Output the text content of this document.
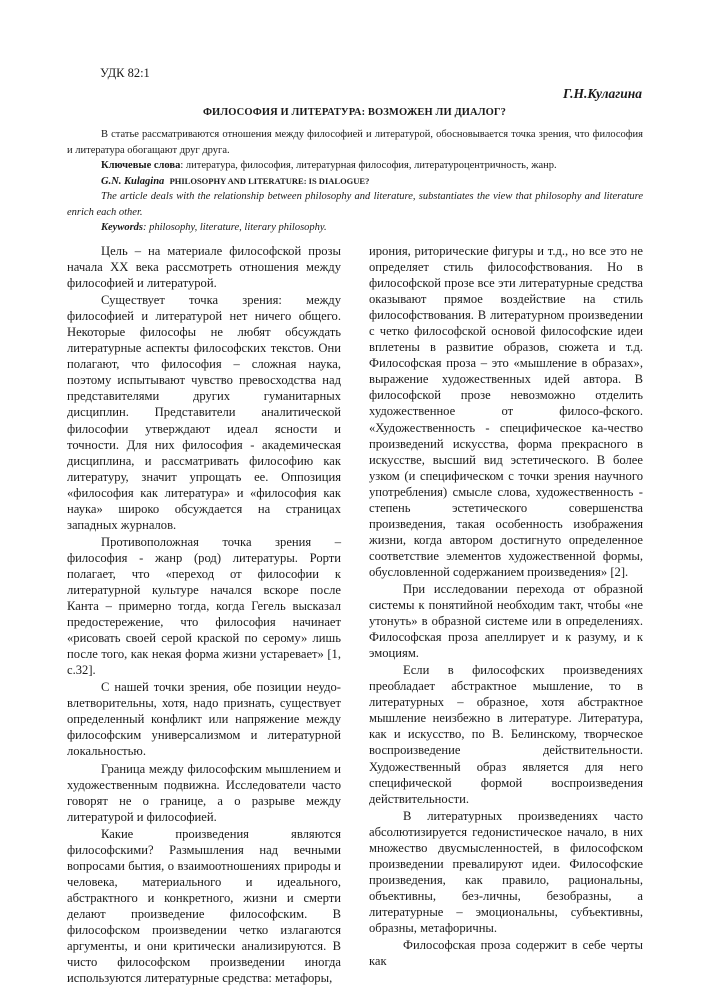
УДК 82:1
Г.Н.Кулагина
ФИЛОСОФИЯ И ЛИТЕРАТУРА: ВОЗМОЖЕН ЛИ ДИАЛОГ?

В статье рассматриваются отношения между философией и литературой, обосновывается точка зрения, что философия и литература обогащают друг друга.

Ключевые слова: литература, философия, литературная философия, литературоцентричность, жанр.

G.N. Kulagina PHILOSOPHY AND LITERATURE: IS DIALOGUE?

The article deals with the relationship between philosophy and literature, substantiates the view that philosophy and literature enrich each other.

Keywords: philosophy, literature, literary philosophy.

Цель – на материале философской прозы начала XX века рассмотреть отношения между философией и литературой.

Существует точка зрения: между философией и литературой нет ничего общего. Некоторые философы не любят обсуждать литературные аспекты философских текстов. Они полагают, что философия – сложная наука, поэтому испытывают чувство превосходства над представителями других гуманитарных дисциплин. Представители аналитической философии утверждают идеал ясности и точности. Для них философия - академическая дисциплина, и рассматривать философию как литературу, значит упрощать ее. Оппозиция «философия как литература» и «философия как наука» широко обсуждается на страницах западных журналов.

Противоположная точка зрения – философия - жанр (род) литературы. Рорти полагает, что «переход от философии к литературной культуре начался вскоре после Канта – примерно тогда, когда Гегель высказал предостережение, что философия начинает «рисовать своей серой краской по серому» лишь после того, как некая форма жизни устаревает» [1, с.32].

С нашей точки зрения, обе позиции неудо-влетворительны, хотя, надо признать, существует определенный конфликт или напряжение между философским универсализмом и литературной локальностью.

Граница между философским мышлением и художественным подвижна. Исследователи часто говорят не о границе, а о разрыве между литературой и философией.

Какие произведения являются философскими? Размышления над вечными вопросами бытия, о взаимоотношениях природы и человека, материального и идеального, абстрактного и конкретного, жизни и смерти делают произведение философским. В философском произведении четко излагаются аргументы, и они критически анализируются. В чисто философском произведении иногда используются литературные средства: метафоры,

ирония, риторические фигуры и т.д., но все это не определяет стиль философствования. Но в философской прозе все эти литературные средства оказывают прямое воздействие на стиль философствования. В литературном произведении с четко философской основой философские идеи вплетены в развитие образов, сюжета и т.д. Философская проза – это «мышление в образах», выражение художественных идей автора. В философской прозе невозможно отделить художественное от филосо-фского. «Художественность - специфическое ка-чество произведений искусства, форма прекрасного в искусстве, высший вид эстетического. В более узком (и специфическом с точки зрения научного употребления) смысле слова, художественность - степень эстетического совершенства произведения, такая особенность изображения жизни, когда автором достигнуто определенное соответствие элементов художественной формы, обусловленной содержанием произведения» [2].

При исследовании перехода от образной системы к понятийной необходим такт, чтобы «не утонуть» в образной системе или в определениях. Философская проза апеллирует и к разуму, и к эмоциям.

Если в философских произведениях преобладает абстрактное мышление, то в литературных – образное, хотя абстрактное мышление неизбежно в литературе. Литература, как и искусство, по В. Белинскому, творческое воспроизведение действительности. Художественный образ является для него специфической формой воспроизведения действительности.

В литературных произведениях часто абсолютизируется гедонистическое начало, в них множество двусмысленностей, в философском произведении превалируют идеи. Философские произведения, как правило, рациональны, объективны, без-личны, безобразны, а литературные – эмоциональны, субъективны, образны, метафоричны.

Философская проза содержит в себе черты как
